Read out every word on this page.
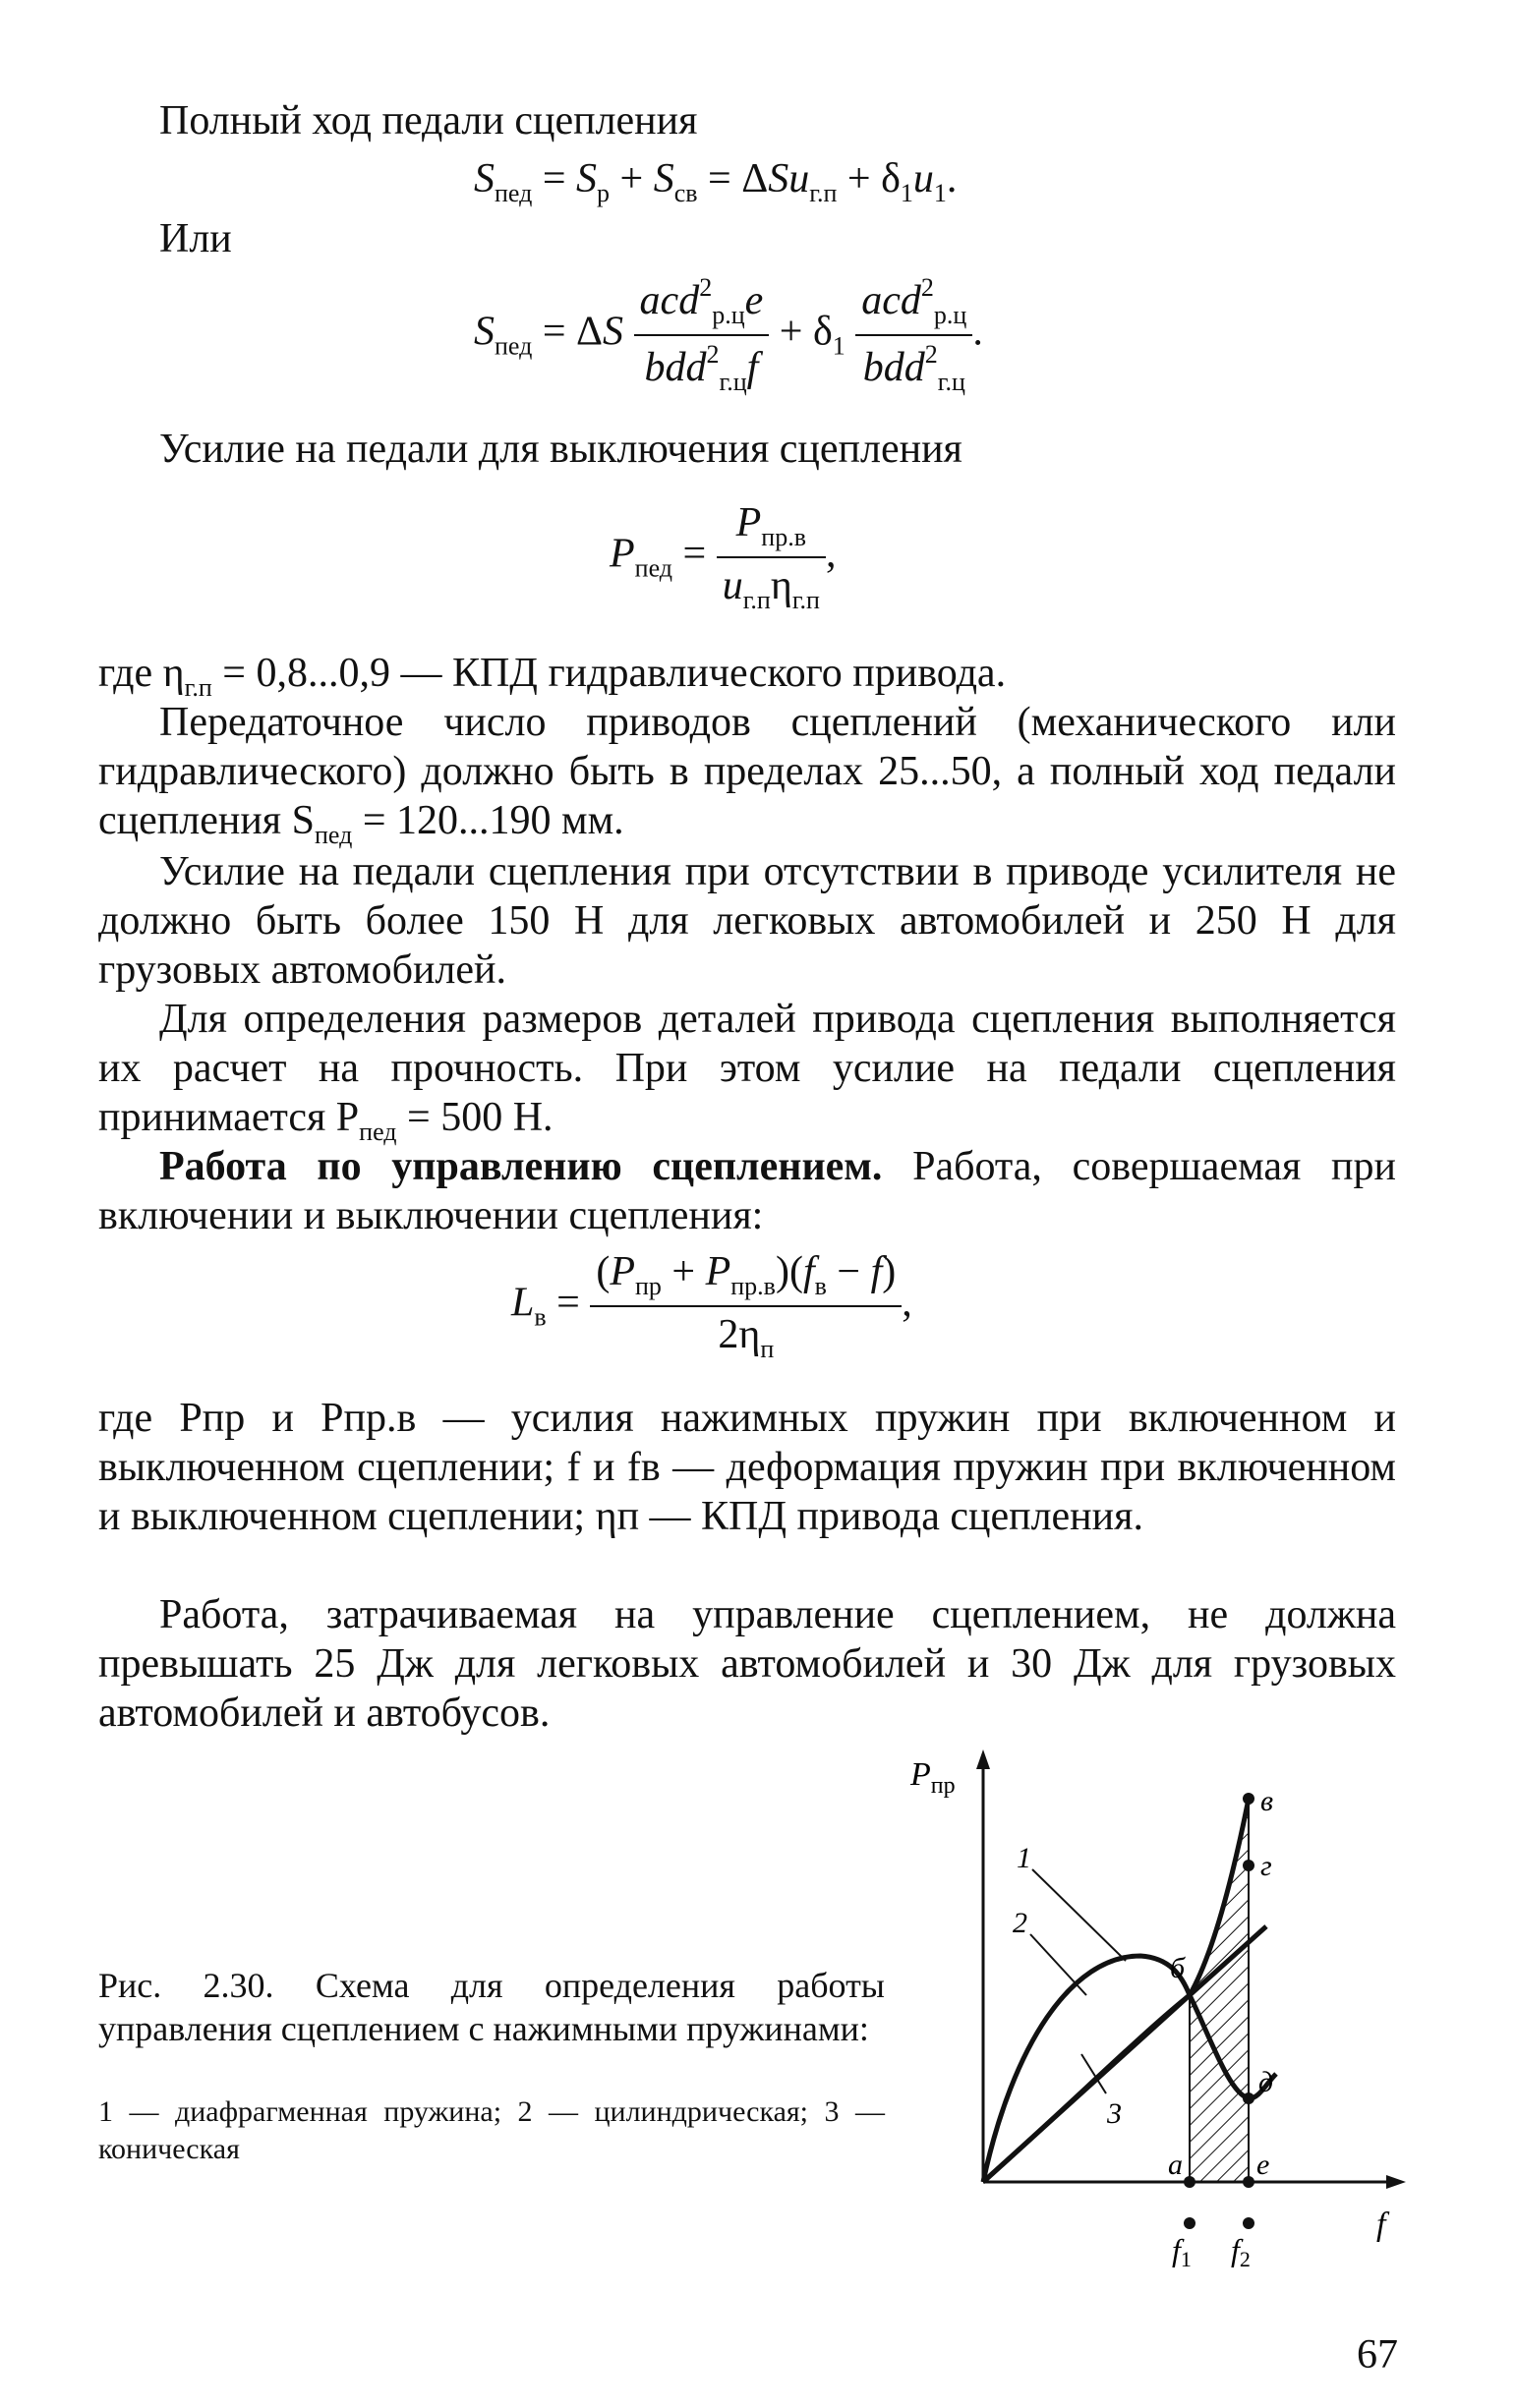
Полный ход педали сцепления
$S_{пед} = S_р + S_{св} = \Delta Su_{г.п} + \delta_1u_1$.
Или
$S_{пед} = \Delta S \frac{acd^2_{р.ц}e}{bdd^2_{г.ц}f} + \delta_1 \frac{acd^2_{р.ц}}{bdd^2_{г.ц}}$ .
Усилие на педали для выключения сцепления
$P_{пед} = \frac{P_{пр.в}}{u_{г.п}\eta_{г.п}}$ ,
где $\eta_{г.п} = 0,8...0,9$ — КПД гидравлического привода.
Передаточное число приводов сцеплений (механического или гидравлического) должно быть в пределах 25...50, а полный ход педали сцепления $S_{пед} = 120...190$ мм.
Усилие на педали сцепления при отсутствии в приводе усилителя не должно быть более 150 Н для легковых автомобилей и 250 Н для грузовых автомобилей.
Для определения размеров деталей привода сцепления выполняется их расчет на прочность. При этом усилие на педали сцепления принимается $P_{пед} = 500$ Н.
Работа по управлению сцеплением. Работа, совершаемая при включении и выключении сцепления:
$L_в = \frac{(P_{пр} + P_{пр.в})(f_в - f)}{2\eta_п}$ ,
где Pпр и Pпр.в — усилия нажимных пружин при включенном и выключенном сцеплении; f и fв — деформация пружин при включенном и выключенном сцеплении; ηп — КПД привода сцепления.
Работа, затрачиваемая на управление сцеплением, не должна превышать 25 Дж для легковых автомобилей и 30 Дж для грузовых автомобилей и автобусов.
Рис. 2.30. Схема для определения работы управления сцеплением с нажимными пружинами:
1 — диафрагменная пружина; 2 — цилиндрическая; 3 — коническая
$P_{пр}$
f
f1 f2
1
2
3
б
в
г
д
a	е
67
